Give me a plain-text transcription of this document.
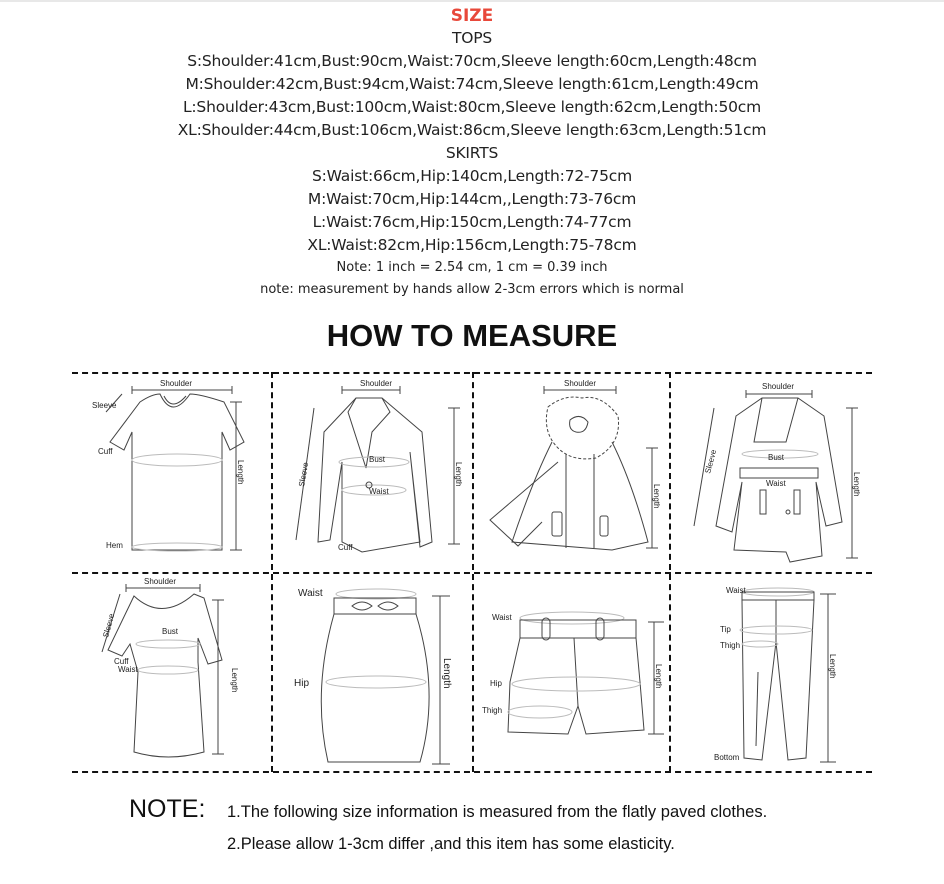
SIZE
TOPS
S:Shoulder:41cm,Bust:90cm,Waist:70cm,Sleeve length:60cm,Length:48cm
M:Shoulder:42cm,Bust:94cm,Waist:74cm,Sleeve length:61cm,Length:49cm
L:Shoulder:43cm,Bust:100cm,Waist:80cm,Sleeve length:62cm,Length:50cm
XL:Shoulder:44cm,Bust:106cm,Waist:86cm,Sleeve length:63cm,Length:51cm
SKIRTS
S:Waist:66cm,Hip:140cm,Length:72-75cm
M:Waist:70cm,Hip:144cm,,Length:73-76cm
L:Waist:76cm,Hip:150cm,Length:74-77cm
XL:Waist:82cm,Hip:156cm,Length:75-78cm
Note: 1 inch = 2.54 cm, 1 cm = 0.39 inch
note: measurement by hands allow 2-3cm errors which is normal
HOW TO MEASURE
Shoulder
Sleeve
Cuff
Hem
Length
Shoulder
Bust
Waist
Cuff
Sleeve	Length
Shoulder
Length
Shoulder
Bust
Waist
Sleeve
Length
Shoulder
Bust
Cuff
Waist
Sleeve
Length
Waist
Hip	Length
Waist
Hip
Thigh
Length
Waist
Tip
Thigh
Bottom
Length
NOTE: 1.The following size information is measured from the flatly paved clothes.
2.Please allow 1-3cm differ ,and this item has some elasticity.
